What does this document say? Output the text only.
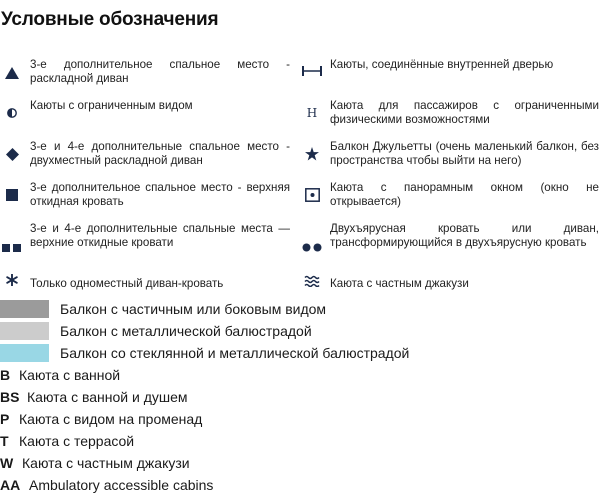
Условные обозначения
3-е дополнительное спальное место - раскладной диван
Каюты с ограниченным видом
3-е и 4-е дополнительные спальное место - двухместный раскладной диван
3-е дополнительное спальное место - верхняя откидная кровать
3-е и 4-е дополнительные спальные места — верхние откидные кровати
Только одноместный диван-кровать
Каюты, соединённые внутренней дверью
H
Каюта для пассажиров с ограниченными физическими возможностями
Балкон Джульетты (очень маленький балкон, без пространства чтобы выйти на него)
Каюта с панорамным окном (окно не открывается)
Двухъярусная кровать или диван, трансформирующийся в двухъярусную кровать
Каюта с частным джакузи
Балкон с частичным или боковым видом
Балкон с металлической балюстрадой
Балкон со стеклянной и металлической балюстрадой
B Каюта с ванной
BS Каюта с ванной и душем
P Каюта с видом на променад
T Каюта с террасой
W Каюта с частным джакузи
AA Ambulatory accessible cabins
